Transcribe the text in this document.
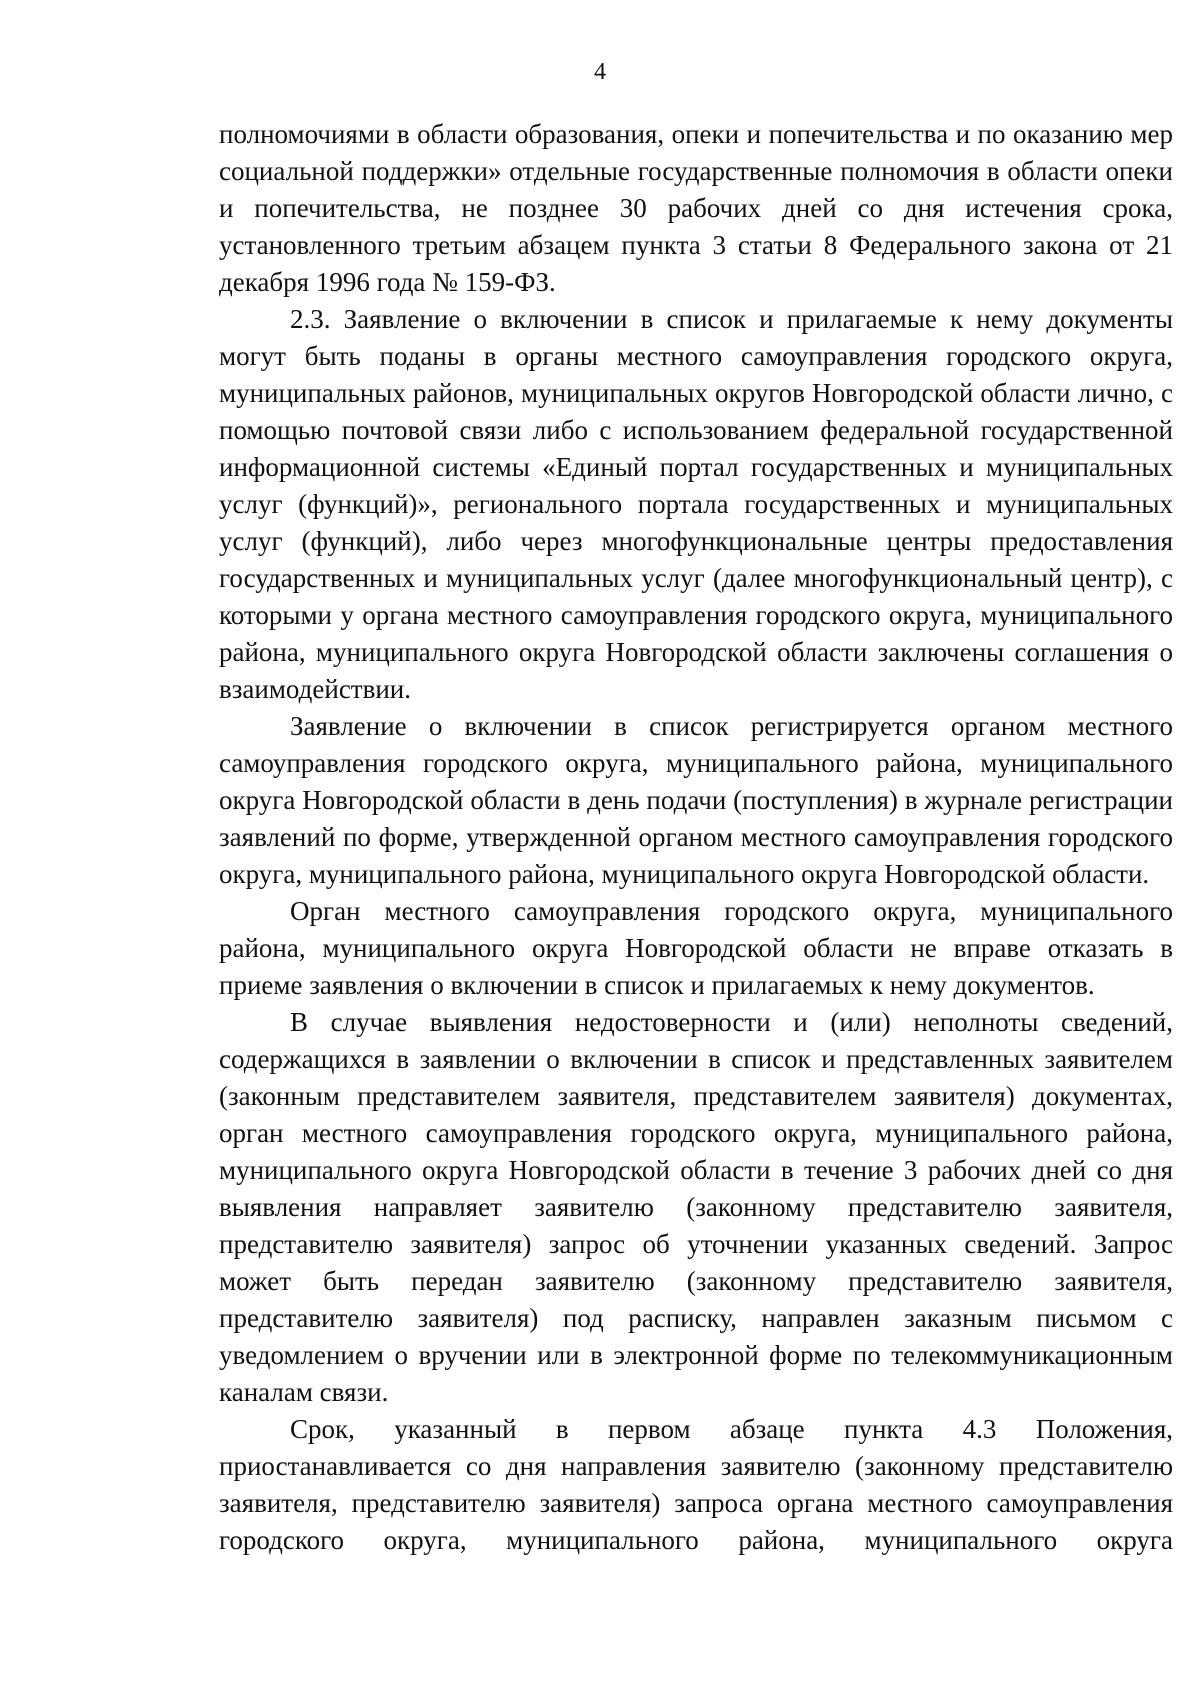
4

полномочиями в области образования, опеки и попечительства и по оказанию мер социальной поддержки» отдельные государственные полномочия в области опеки и попечительства, не позднее 30 рабочих дней со дня истечения срока, установленного третьим абзацем пункта 3 статьи 8 Федерального закона от 21 декабря 1996 года № 159-ФЗ.

2.3. Заявление о включении в список и прилагаемые к нему документы могут быть поданы в органы местного самоуправления городского округа, муниципальных районов, муниципальных округов Новгородской области лично, с помощью почтовой связи либо с использованием федеральной государственной информационной системы «Единый портал государственных и муниципальных услуг (функций)», регионального портала государственных и муниципальных услуг (функций), либо через многофункциональные центры предоставления государственных и муниципальных услуг (далее многофункциональный центр), с которыми у органа местного самоуправления городского округа, муниципального района, муниципального округа Новгородской области заключены соглашения о взаимодействии.

Заявление о включении в список регистрируется органом местного самоуправления городского округа, муниципального района, муниципального округа Новгородской области в день подачи (поступления) в журнале регистрации заявлений по форме, утвержденной органом местного самоуправления городского округа, муниципального района, муниципального округа Новгородской области.

Орган местного самоуправления городского округа, муниципального района, муниципального округа Новгородской области не вправе отказать в приеме заявления о включении в список и прилагаемых к нему документов.

В случае выявления недостоверности и (или) неполноты сведений, содержащихся в заявлении о включении в список и представленных заявителем (законным представителем заявителя, представителем заявителя) документах, орган местного самоуправления городского округа, муниципального района, муниципального округа Новгородской области в течение 3 рабочих дней со дня выявления направляет заявителю (законному представителю заявителя, представителю заявителя) запрос об уточнении указанных сведений. Запрос может быть передан заявителю (законному представителю заявителя, представителю заявителя) под расписку, направлен заказным письмом с уведомлением о вручении или в электронной форме по телекоммуникационным каналам связи.

Срок, указанный в первом абзаце пункта 4.3 Положения, приостанавливается со дня направления заявителю (законному представителю заявителя, представителю заявителя) запроса органа местного самоуправления городского округа, муниципального района, муниципального округа
